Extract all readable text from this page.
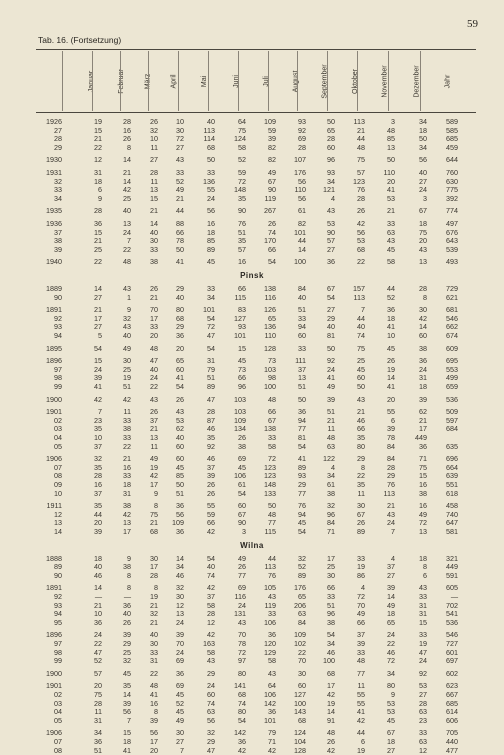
59
Tab. 16. (Fortsetzung)
Januar	Februar	März	April	Mai	Juni	Juli	August	September	Oktober	November	Dezember	Jahr
1926	19	28	26	10	40	64	109	93	50	113	3	34	589
27	15	16	32	30	113	75	59	92	65	21	48	18	585
28	21	26	10	72	114	124	39	69	28	44	85	50	685
29	22	8	11	27	68	58	82	28	60	48	13	34	459
1930	12	14	27	43	50	52	82	107	96	75	50	56	644
1931	31	21	28	33	33	59	49	176	93	57	110	40	760
32	18	14	11	52	136	72	67	56	34	123	20	27	630
33	6	42	13	49	55	148	90	110	121	76	41	24	775
34	9	25	15	21	24	35	119	56	4	28	53	3	392
1935	28	40	21	44	56	90	267	61	43	26	21	67	774
1936	36	13	14	88	16	76	26	82	53	42	33	18	497
37	15	24	40	66	18	51	74	101	90	56	63	75	676
38	21	7	30	78	85	35	170	44	57	53	43	20	643
39	25	22	33	50	89	57	66	14	27	68	45	43	539
1940	22	48	38	41	45	16	54	100	36	22	58	13	493
Pinsk
1889	14	43	26	29	33	66	138	84	67	157	44	28	729
90	27	1	21	40	34	115	116	40	54	113	52	8	621
1891	21	9	70	80	101	83	126	51	27	7	36	30	681
92	17	32	17	68	54	127	65	33	29	44	18	42	546
93	27	43	33	29	72	93	136	94	40	40	41	14	662
94	5	40	20	36	47	101	110	60	81	74	10	60	674
1895	54	49	48	20	54	15	128	33	50	75	45	38	609
1896	15	30	47	65	31	45	73	111	92	25	26	36	695
97	24	25	40	60	79	73	103	37	24	45	19	24	553
98	39	19	24	41	51	66	98	13	41	60	14	31	499
99	41	51	22	54	89	96	100	51	49	50	41	18	659
1900	42	42	43	26	47	103	48	50	39	43	20	39	536
1901	7	11	26	43	28	103	66	36	51	21	55	62	509
02	23	33	37	53	87	109	67	94	21	46	6	21	597
03	35	38	21	62	46	134	138	77	11	66	39	17	684
04	10	33	13	40	35	26	33	81	48	35	78	449
05	37	22	11	60	92	38	58	54	63	80	84	36	635
1906	32	21	49	60	46	69	72	41	122	29	84	71	696
07	35	16	19	45	37	45	123	89	4	8	28	75	664
08	28	33	42	85	39	106	123	93	34	22	29	15	639
09	16	18	17	50	26	61	148	29	61	35	76	16	551
10	37	31	9	51	26	54	133	77	38	11	113	38	618
1911	35	38	8	36	55	60	50	76	32	30	21	16	458
12	44	42	75	56	59	67	48	94	96	67	43	49	740
13	20	13	21	109	66	90	77	45	84	26	24	72	647
14	39	17	68	36	42	3	115	54	71	89	7	13	581
Wilna
1888	18	9	30	14	54	49	44	32	17	33	4	18	321
89	40	38	17	34	40	26	113	52	25	19	37	8	449
90	46	8	28	46	74	77	76	89	30	86	27	6	591
1891	14	8	8	32	42	69	105	176	66	4	39	43	605
92	—	—	19	30	37	116	43	65	33	72	14	33	—
93	21	36	21	12	58	24	119	206	51	70	49	31	702
94	10	40	32	13	28	131	33	63	96	49	18	31	541
95	36	26	21	24	12	43	106	84	38	66	65	15	536
1896	24	39	40	39	42	70	36	109	54	37	24	33	546
97	22	29	30	70	163	78	120	102	34	39	22	19	727
98	47	25	33	24	58	72	129	22	46	33	46	47	601
99	52	32	31	69	43	97	58	70	100	48	72	24	697
1900	57	45	22	36	29	80	43	30	68	77	34	92	602
1901	20	35	48	69	24	141	64	60	17	11	80	53	623
02	75	14	41	45	60	68	106	127	42	55	9	27	667
03	28	39	16	52	74	74	142	100	19	55	53	28	685
04	11	56	8	45	63	80	36	143	14	41	53	63	614
05	31	7	39	49	56	54	101	68	91	42	45	23	606
1906	34	15	56	30	32	142	79	124	48	44	67	33	705
07	36	18	17	27	29	36	71	104	26	6	18	63	440
08	51	41	20	7	47	42	42	128	42	19	27	12	477
